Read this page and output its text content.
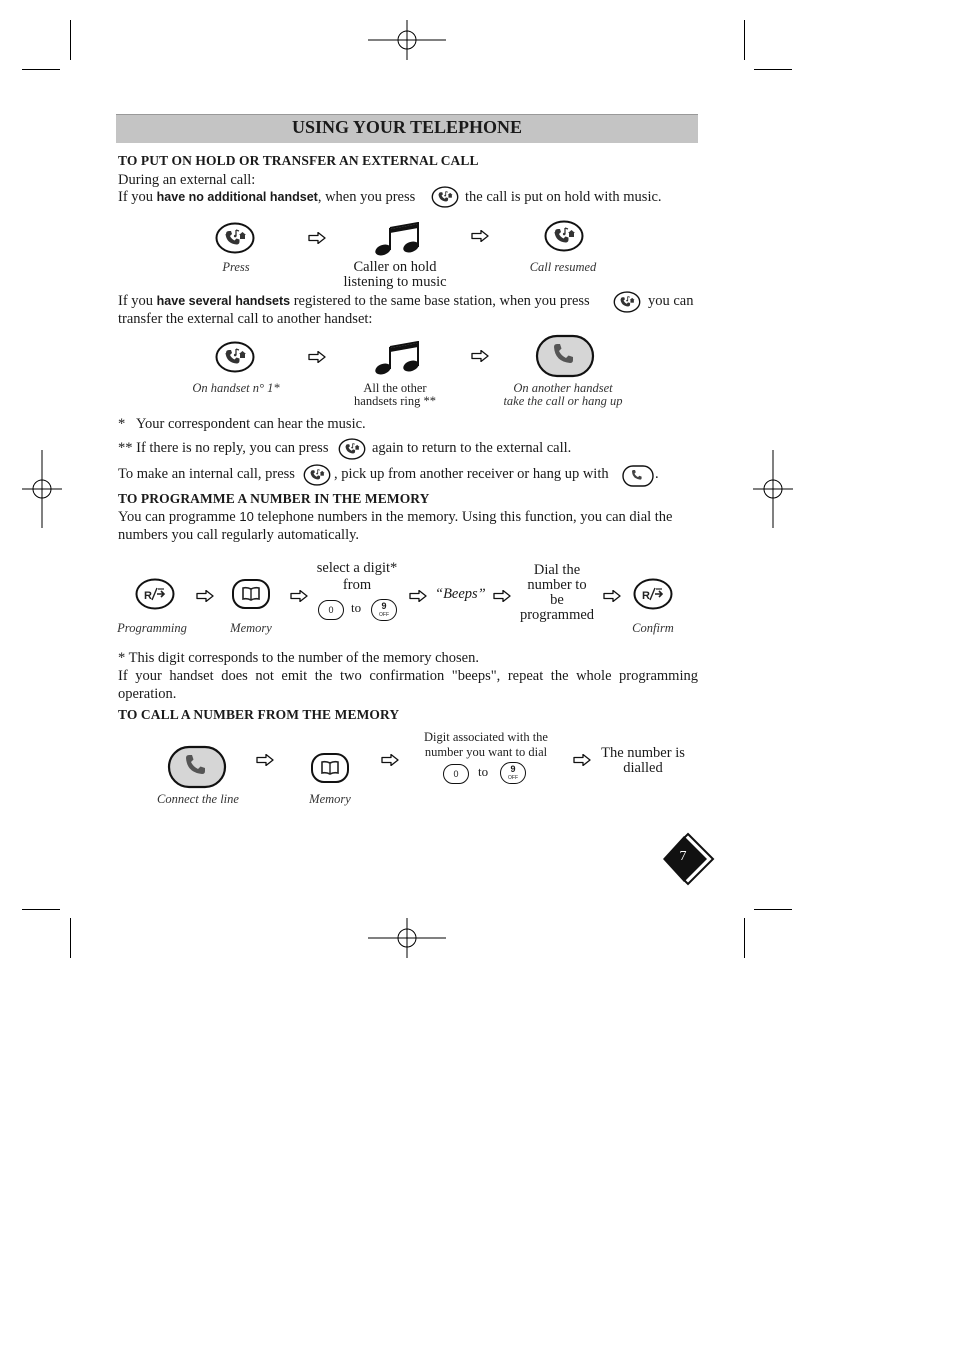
USING YOUR TELEPHONE
TO PUT ON HOLD OR TRANSFER AN EXTERNAL CALL
During an external call:
If you have no additional handset, when you press	the call is put on hold with music.
Press	Caller on hold
listening to music
Call resumed
If you have several handsets registered to the same base station, when you press	you can
transfer the external call to another handset:
On handset n° 1*	All the other
handsets ring **
On another handset
take the call or hang up
* Your correspondent can hear the music.
** If there is no reply, you can press	again to return to the external call.
To make an internal call, press	, pick up from another receiver or hang up with	.
TO PROGRAMME A NUMBER IN THE MEMORY
You can programme 10 telephone numbers in the memory. Using this function, you can dial the
numbers you call regularly automatically.
select a digit*
from
0	to	9
OFF
“Beeps”
Dial the
number to
be
programmed
Programming	Memory	Confirm
* This digit corresponds to the number of the memory chosen.
If your handset does not emit the two confirmation "beeps", repeat the whole programming
operation.
TO CALL A NUMBER FROM THE MEMORY
Digit associated with the
number you want to dial
0	to	9
OFF
The number is
dialled
Connect the line	Memory
7
